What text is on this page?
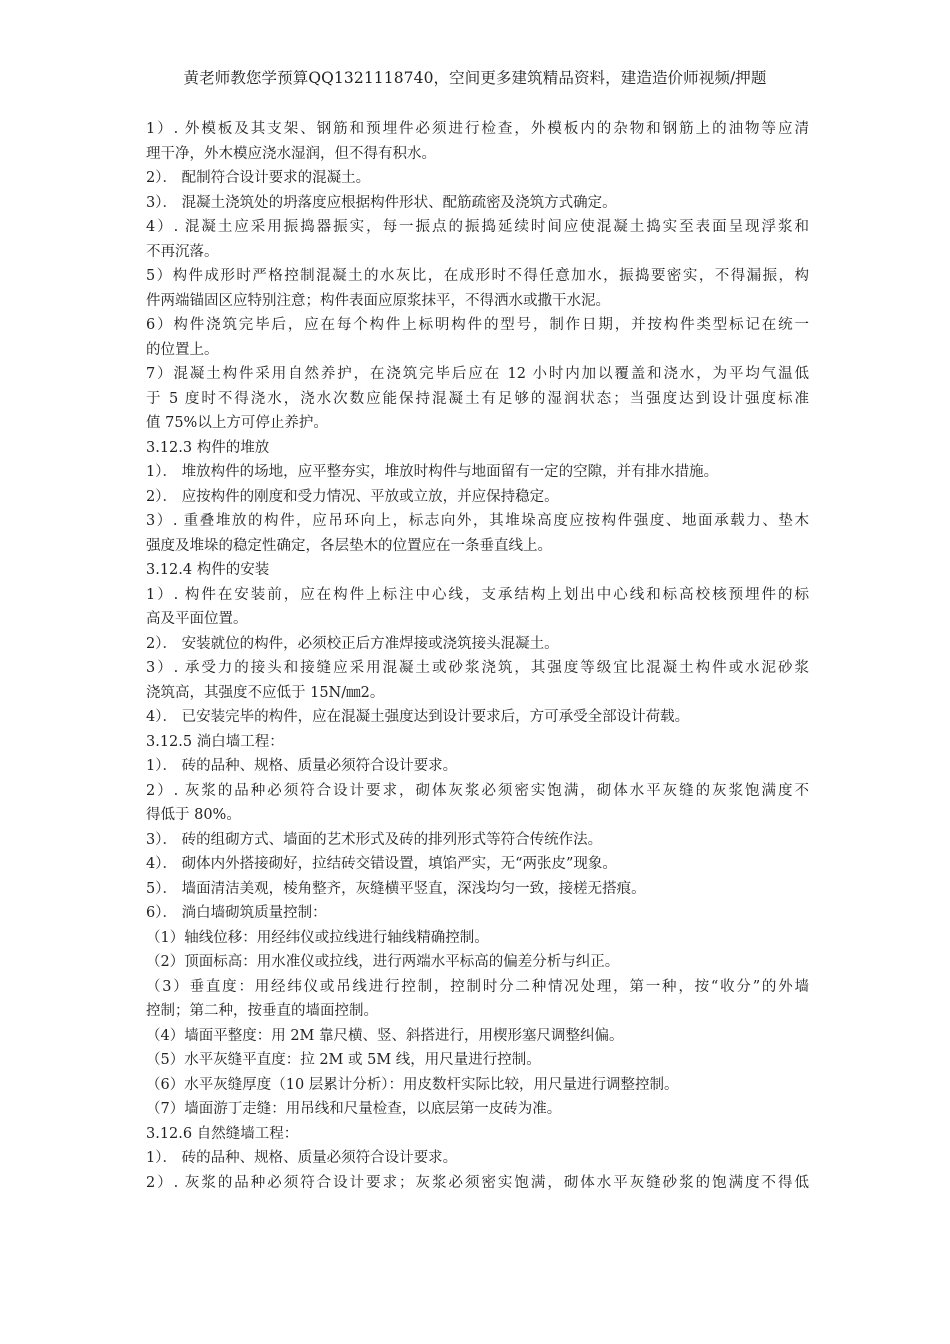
黄老师教您学预算QQ1321118740，空间更多建筑精品资料，建造造价师视频/押题
1）. 外模板及其支架、钢筋和预埋件必须进行检查，外模板内的杂物和钢筋上的油物等应清
理干净，外木模应浇水湿润，但不得有积水。
2）． 配制符合设计要求的混凝土。
3）． 混凝土浇筑处的坍落度应根据构件形状、配筋疏密及浇筑方式确定。
4）. 混凝土应采用振捣器振实，每一振点的振捣延续时间应使混凝土捣实至表面呈现浮浆和
不再沉落。
5）构件成形时严格控制混凝土的水灰比，在成形时不得任意加水，振捣要密实，不得漏振，构
件两端锚固区应特别注意；构件表面应原浆抹平，不得洒水或撒干水泥。
6）构件浇筑完毕后，应在每个构件上标明构件的型号，制作日期，并按构件类型标记在统一
的位置上。
7）混凝土构件采用自然养护，在浇筑完毕后应在 12 小时内加以覆盖和浇水，为平均气温低
于 5 度时不得浇水，浇水次数应能保持混凝土有足够的湿润状态；当强度达到设计强度标准
值 75%以上方可停止养护。
3.12.3 构件的堆放
1）． 堆放构件的场地，应平整夯实，堆放时构件与地面留有一定的空隙，并有排水措施。
2）． 应按构件的刚度和受力情况、平放或立放，并应保持稳定。
3）. 重叠堆放的构件，应吊环向上，标志向外，其堆垛高度应按构件强度、地面承载力、垫木
强度及堆垛的稳定性确定，各层垫木的位置应在一条垂直线上。
3.12.4 构件的安装
1）. 构件在安装前，应在构件上标注中心线，支承结构上划出中心线和标高校核预埋件的标
高及平面位置。
2）． 安装就位的构件，必须校正后方准焊接或浇筑接头混凝土。
3）. 承受力的接头和接缝应采用混凝土或砂浆浇筑，其强度等级宜比混凝土构件或水泥砂浆
浇筑高，其强度不应低于 15N/㎜2。
4）． 已安装完毕的构件，应在混凝土强度达到设计要求后，方可承受全部设计荷载。
3.12.5 淌白墙工程：
1）． 砖的品种、规格、质量必须符合设计要求。
2）. 灰浆的品种必须符合设计要求，砌体灰浆必须密实饱满，砌体水平灰缝的灰浆饱满度不
得低于 80%。
3）． 砖的组砌方式、墙面的艺术形式及砖的排列形式等符合传统作法。
4）． 砌体内外搭接砌好，拉结砖交错设置，填馅严实，无“两张皮”现象。
5）． 墙面清洁美观，棱角整齐，灰缝横平竖直，深浅均匀一致，接槎无搭痕。
6）． 淌白墙砌筑质量控制：
（1）轴线位移：用经纬仪或拉线进行轴线精确控制。
（2）顶面标高：用水准仪或拉线，进行两端水平标高的偏差分析与纠正。
（3）垂直度：用经纬仪或吊线进行控制，控制时分二种情况处理，第一种，按“收分”的外墙
控制；第二种，按垂直的墙面控制。
（4）墙面平整度：用 2M 靠尺横、竖、斜搭进行，用楔形塞尺调整纠偏。
（5）水平灰缝平直度：拉 2M 或 5M 线，用尺量进行控制。
（6）水平灰缝厚度（10 层累计分析）：用皮数杆实际比较，用尺量进行调整控制。
（7）墙面游丁走缝：用吊线和尺量检查，以底层第一皮砖为准。
3.12.6 自然缝墙工程：
1）． 砖的品种、规格、质量必须符合设计要求。
2）. 灰浆的品种必须符合设计要求；灰浆必须密实饱满，砌体水平灰缝砂浆的饱满度不得低
